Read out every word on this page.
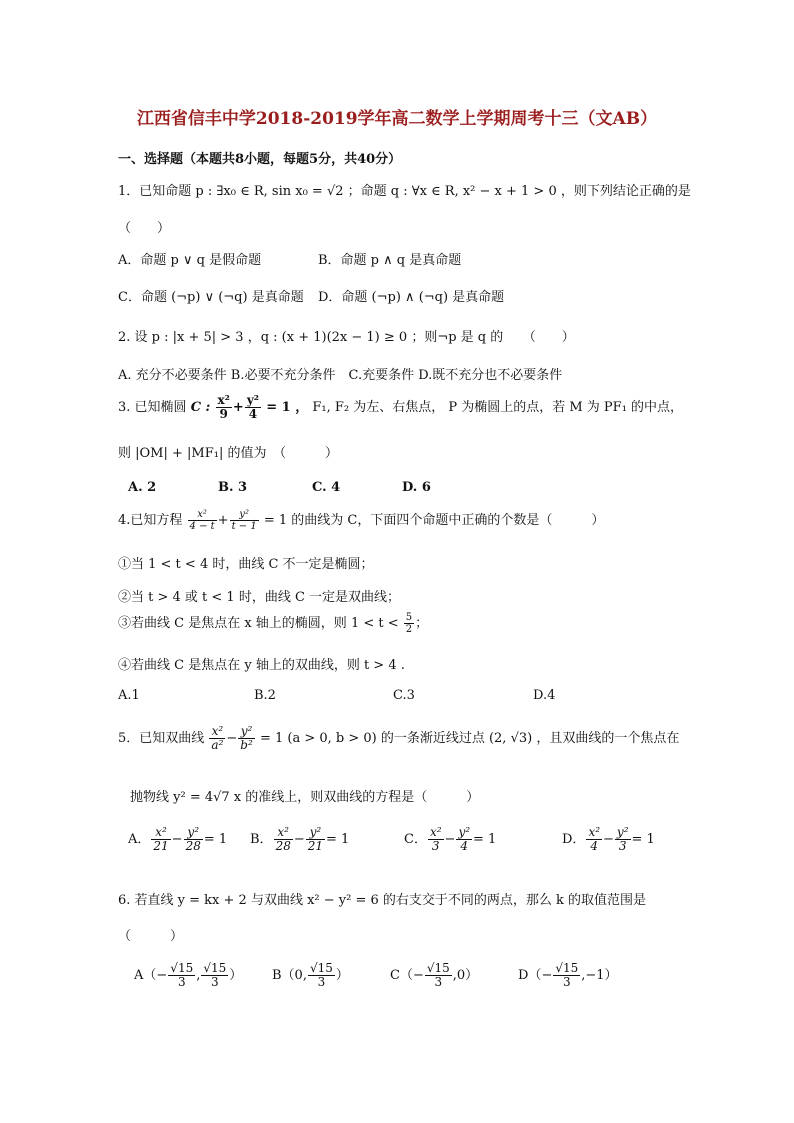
江西省信丰中学2018-2019学年高二数学上学期周考十三（文AB）
一、选择题（本题共8小题，每题5分，共40分）
1．已知命题 p : ∃x₀ ∈ R, sin x₀ = √2 ；命题 q : ∀x ∈ R, x² − x + 1 > 0 ，则下列结论正确的是
（　　）
A．命题 p ∨ q 是假命题	B．命题 p ∧ q 是真命题
C．命题 (¬p) ∨ (¬q) 是真命题 D．命题 (¬p) ∧ (¬q) 是真命题
2. 设 p : |x + 5| > 3 ，q : (x + 1)(2x − 1) ≥ 0 ；则¬p 是 q 的　　（　　）
A. 充分不必要条件 B.必要不充分条件　C.充要条件 D.既不充分也不必要条件
3. 已知椭圆 C : $\frac{\text{x²}}{9} + \frac{\text{y²}}{4} = 1$ ， F₁, F₂ 为左、右焦点， P 为椭圆上的点，若 M 为 PF₁ 的中点，
则 |OM| + |MF₁| 的值为　（　　　）
A. 2	B. 3	C. 4	D. 6
4.已知方程 $\frac{\text{x²}}{4 - t} + \frac{\text{y²}}{t - 1} = 1$ 的曲线为 C，下面四个命题中正确的个数是（　　　）
①当 1 < t < 4 时，曲线 C 不一定是椭圆；
②当 t > 4 或 t < 1 时，曲线 C 一定是双曲线；
③若曲线 C 是焦点在 x 轴上的椭圆，则 $1 < t < \frac{5}{2}$ ；
④若曲线 C 是焦点在 y 轴上的双曲线，则 t > 4 .
A.1	B.2	C.3	D.4
5．已知双曲线 $\frac{\text{x²}}{\text{a²}} - \frac{\text{y²}}{\text{b²}} = 1$ (a > 0, b > 0) 的一条渐近线过点 (2, √3) ，且双曲线的一个焦点在
抛物线 y² = 4√7 x 的准线上，则双曲线的方程是（　　　）
A． $\frac{\text{x²}}{21} - \frac{\text{y²}}{28} = 1$ B． $\frac{\text{x²}}{28} - \frac{\text{y²}}{21} = 1$	C． $\frac{\text{x²}}{3} - \frac{\text{y²}}{4} = 1$	D． $\frac{\text{x²}}{4} - \frac{\text{y²}}{3} = 1$
6. 若直线 y = kx + 2 与双曲线 x² − y² = 6 的右支交于不同的两点，那么 k 的取值范围是
（　　　）
$A(- \frac{√15}{3}$ , $\frac{√15}{3}$ ） B（0, $\frac{√15}{3}$ ）	$C(- \frac{√15}{3} ,0)$	$D(- \frac{√15}{3} ,-1)$
